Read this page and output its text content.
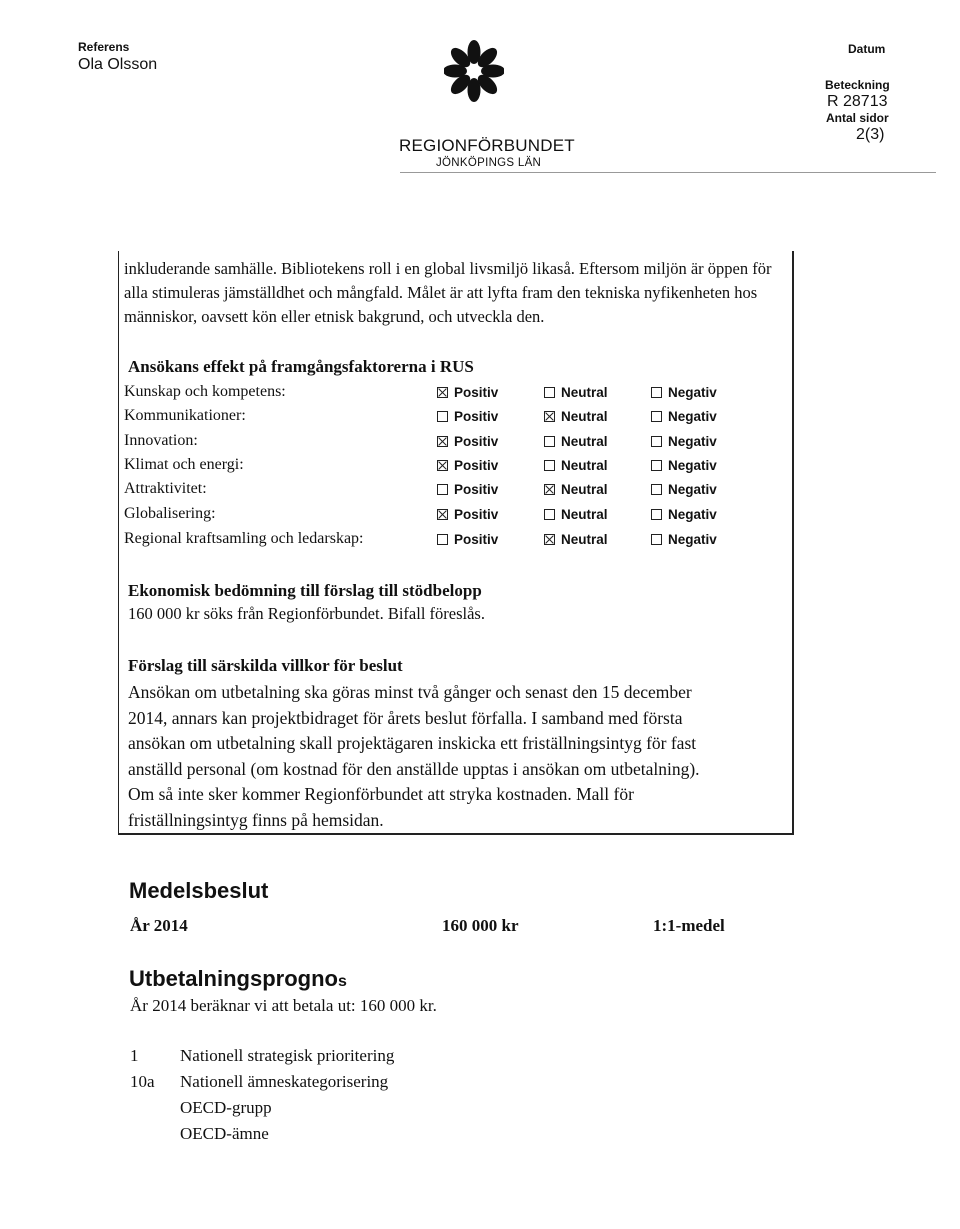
Referens
Ola Olsson
REGIONFÖRBUNDET
JÖNKÖPINGS LÄN
Datum
Beteckning
R 28713
Antal sidor
2(3)
inkluderande samhälle. Bibliotekens roll i en global livsmiljö likaså. Eftersom miljön är öppen för alla stimuleras jämställdhet och mångfald. Målet är att lyfta fram den tekniska nyfikenheten hos människor, oavsett kön eller etnisk bakgrund, och utveckla den.
Ansökans effekt på framgångsfaktorerna i RUS
Kunskap och kompetens:	Positiv	Neutral	Negativ
Kommunikationer:	Positiv	Neutral	Negativ
Innovation:	Positiv	Neutral	Negativ
Klimat och energi:	Positiv	Neutral	Negativ
Attraktivitet:	Positiv	Neutral	Negativ
Globalisering:	Positiv	Neutral	Negativ
Regional kraftsamling och ledarskap:	Positiv	Neutral	Negativ
Ekonomisk bedömning till förslag till stödbelopp
160 000 kr söks från Regionförbundet. Bifall föreslås.
Förslag till särskilda villkor för beslut
Ansökan om utbetalning ska göras minst två gånger och senast den 15 december
2014, annars kan projektbidraget för årets beslut förfalla. I samband med första
ansökan om utbetalning skall projektägaren inskicka ett friställningsintyg för fast
anställd personal (om kostnad för den anställde upptas i ansökan om utbetalning).
Om så inte sker kommer Regionförbundet att stryka kostnaden. Mall för
friställningsintyg finns på hemsidan.
Medelsbeslut
År 2014	160 000 kr	1:1-medel
Utbetalningsprognos
År 2014 beräknar vi att betala ut: 160 000 kr.
1 Nationell strategisk prioritering
10a Nationell ämneskategorisering
OECD-grupp
OECD-ämne
